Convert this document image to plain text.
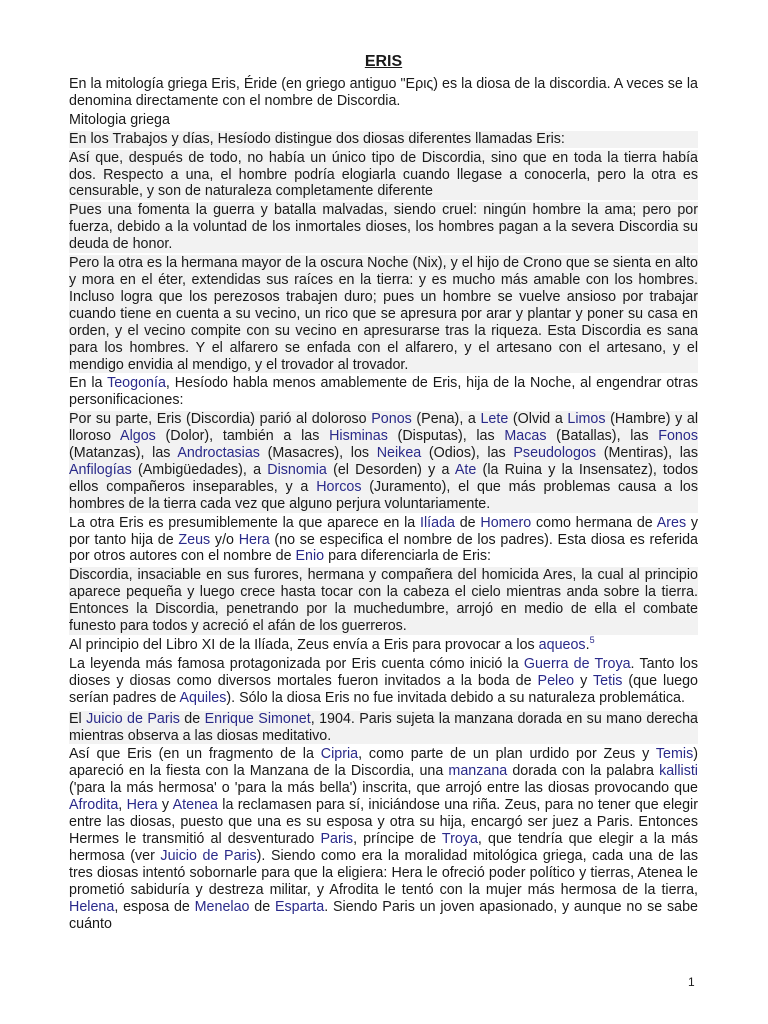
ERIS
En la mitología griega Eris, Éride (en griego antiguo "Ερις) es la diosa de la discordia. A veces se la denomina directamente con el nombre de Discordia.
Mitologia griega
En los Trabajos y días, Hesíodo distingue dos diosas diferentes llamadas Eris:
Así que, después de todo, no había un único tipo de Discordia, sino que en toda la tierra había dos. Respecto a una, el hombre podría elogiarla cuando llegase a conocerla, pero la otra es censurable, y son de naturaleza completamente diferente
Pues una fomenta la guerra y batalla malvadas, siendo cruel: ningún hombre la ama; pero por fuerza, debido a la voluntad de los inmortales dioses, los hombres pagan a la severa Discordia su deuda de honor.
Pero la otra es la hermana mayor de la oscura Noche (Nix), y el hijo de Crono que se sienta en alto y mora en el éter, extendidas sus raíces en la tierra: y es mucho más amable con los hombres. Incluso logra que los perezosos trabajen duro; pues un hombre se vuelve ansioso por trabajar cuando tiene en cuenta a su vecino, un rico que se apresura por arar y plantar y poner su casa en orden, y el vecino compite con su vecino en apresurarse tras la riqueza. Esta Discordia es sana para los hombres. Y el alfarero se enfada con el alfarero, y el artesano con el artesano, y el mendigo envidia al mendigo, y el trovador al trovador.
En la Teogonía, Hesíodo habla menos amablemente de Eris, hija de la Noche, al engendrar otras personificaciones:
Por su parte, Eris (Discordia) parió al doloroso Ponos (Pena), a Lete (Olvid a Limos (Hambre) y al lloroso Algos (Dolor), también a las Hisminas (Disputas), las Macas (Batallas), las Fonos (Matanzas), las Androctasias (Masacres), los Neikea (Odios), las Pseudologos (Mentiras), las Anfilogías (Ambigüedades), a Disnomia (el Desorden) y a Ate (la Ruina y la Insensatez), todos ellos compañeros inseparables, y a Horcos (Juramento), el que más problemas causa a los hombres de la tierra cada vez que alguno perjura voluntariamente.
La otra Eris es presumiblemente la que aparece en la Ilíada de Homero como hermana de Ares y por tanto hija de Zeus y/o Hera (no se especifica el nombre de los padres). Esta diosa es referida por otros autores con el nombre de Enio para diferenciarla de Eris:
Discordia, insaciable en sus furores, hermana y compañera del homicida Ares, la cual al principio aparece pequeña y luego crece hasta tocar con la cabeza el cielo mientras anda sobre la tierra. Entonces la Discordia, penetrando por la muchedumbre, arrojó en medio de ella el combate funesto para todos y acreció el afán de los guerreros.
Al principio del Libro XI de la Ilíada, Zeus envía a Eris para provocar a los aqueos.$^5$
La leyenda más famosa protagonizada por Eris cuenta cómo inició la Guerra de Troya. Tanto los dioses y diosas como diversos mortales fueron invitados a la boda de Peleo y Tetis (que luego serían padres de Aquiles). Sólo la diosa Eris no fue invitada debido a su naturaleza problemática.
El Juicio de Paris de Enrique Simonet, 1904. Paris sujeta la manzana dorada en su mano derecha mientras observa a las diosas meditativo.
Así que Eris (en un fragmento de la Cipria, como parte de un plan urdido por Zeus y Temis) apareció en la fiesta con la Manzana de la Discordia, una manzana dorada con la palabra kallisti ('para la más hermosa' o 'para la más bella') inscrita, que arrojó entre las diosas provocando que Afrodita, Hera y Atenea la reclamasen para sí, iniciándose una riña. Zeus, para no tener que elegir entre las diosas, puesto que una es su esposa y otra su hija, encargó ser juez a Paris. Entonces Hermes le transmitió al desventurado Paris, príncipe de Troya, que tendría que elegir a la más hermosa (ver Juicio de Paris). Siendo como era la moralidad mitológica griega, cada una de las tres diosas intentó sobornarle para que la eligiera: Hera le ofreció poder político y tierras, Atenea le prometió sabiduría y destreza militar, y Afrodita le tentó con la mujer más hermosa de la tierra, Helena, esposa de Menelao de Esparta. Siendo Paris un joven apasionado, y aunque no se sabe cuánto
1
